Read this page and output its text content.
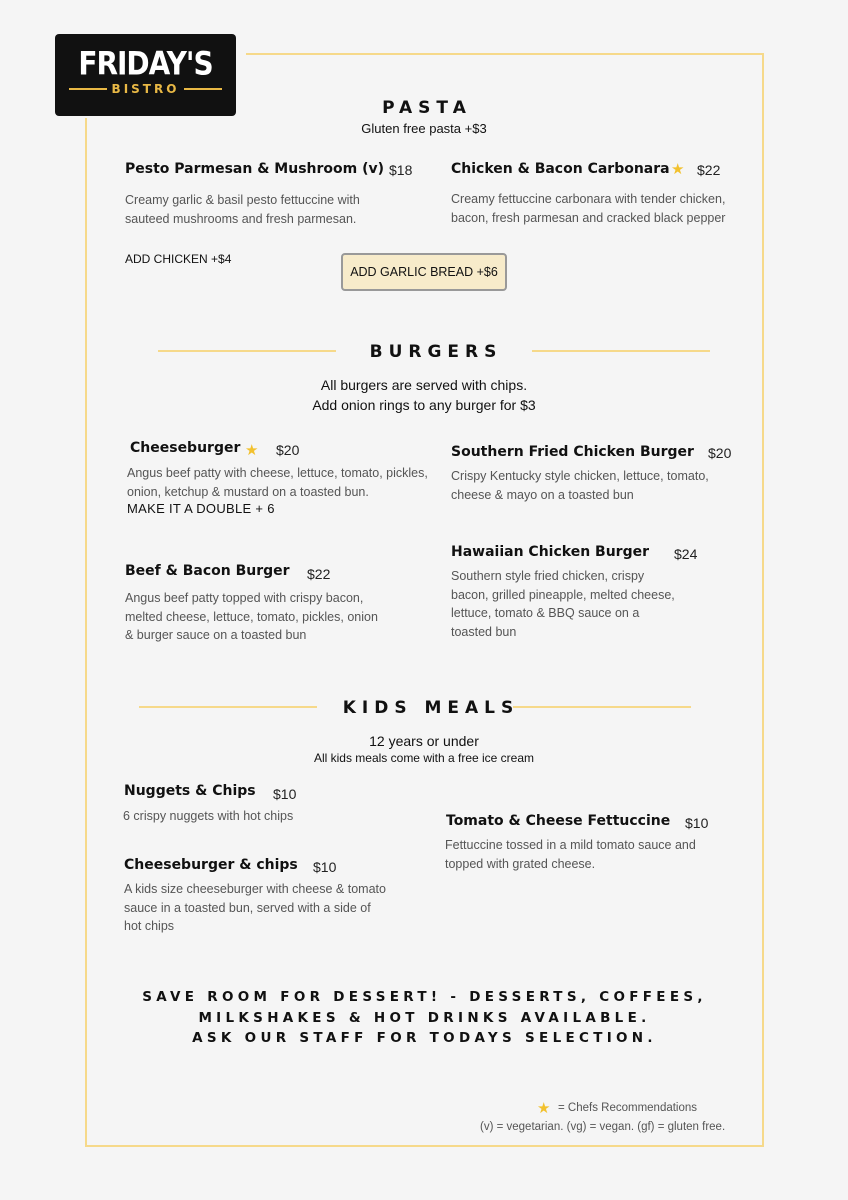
FRIDAY'S
BISTRO
PASTA
Gluten free pasta +$3
Pesto Parmesan & Mushroom (v) $18
Creamy garlic & basil pesto fettuccine with sauteed mushrooms and fresh parmesan.
ADD CHICKEN +$4
Chicken & Bacon Carbonara ★ $22
Creamy fettuccine carbonara with tender chicken, bacon, fresh parmesan and cracked black pepper
ADD GARLIC BREAD +$6
BURGERS
All burgers are served with chips.
Add onion rings to any burger for $3
Cheeseburger ★ $20
Angus beef patty with cheese, lettuce, tomato, pickles, onion, ketchup & mustard on a toasted bun.
MAKE IT A DOUBLE + 6
Southern Fried Chicken Burger $20
Crispy Kentucky style chicken, lettuce, tomato, cheese & mayo on a toasted bun
Beef & Bacon Burger $22
Angus beef patty topped with crispy bacon, melted cheese, lettuce, tomato, pickles, onion & burger sauce on a toasted bun
Hawaiian Chicken Burger $24
Southern style fried chicken, crispy bacon, grilled pineapple, melted cheese, lettuce, tomato & BBQ sauce on a toasted bun
KIDS MEALS
12 years or under
All kids meals come with a free ice cream
Nuggets & Chips $10
6 crispy nuggets with hot chips
Cheeseburger & chips $10
A kids size cheeseburger with cheese & tomato sauce in a toasted bun, served with a side of hot chips
Tomato & Cheese Fettuccine $10
Fettuccine tossed in a mild tomato sauce and topped with grated cheese.
SAVE ROOM FOR DESSERT! - DESSERTS, COFFEES,
MILKSHAKES & HOT DRINKS AVAILABLE.
ASK OUR STAFF FOR TODAYS SELECTION.
★ = Chefs Recommendations
(v) = vegetarian. (vg) = vegan. (gf) = gluten free.
